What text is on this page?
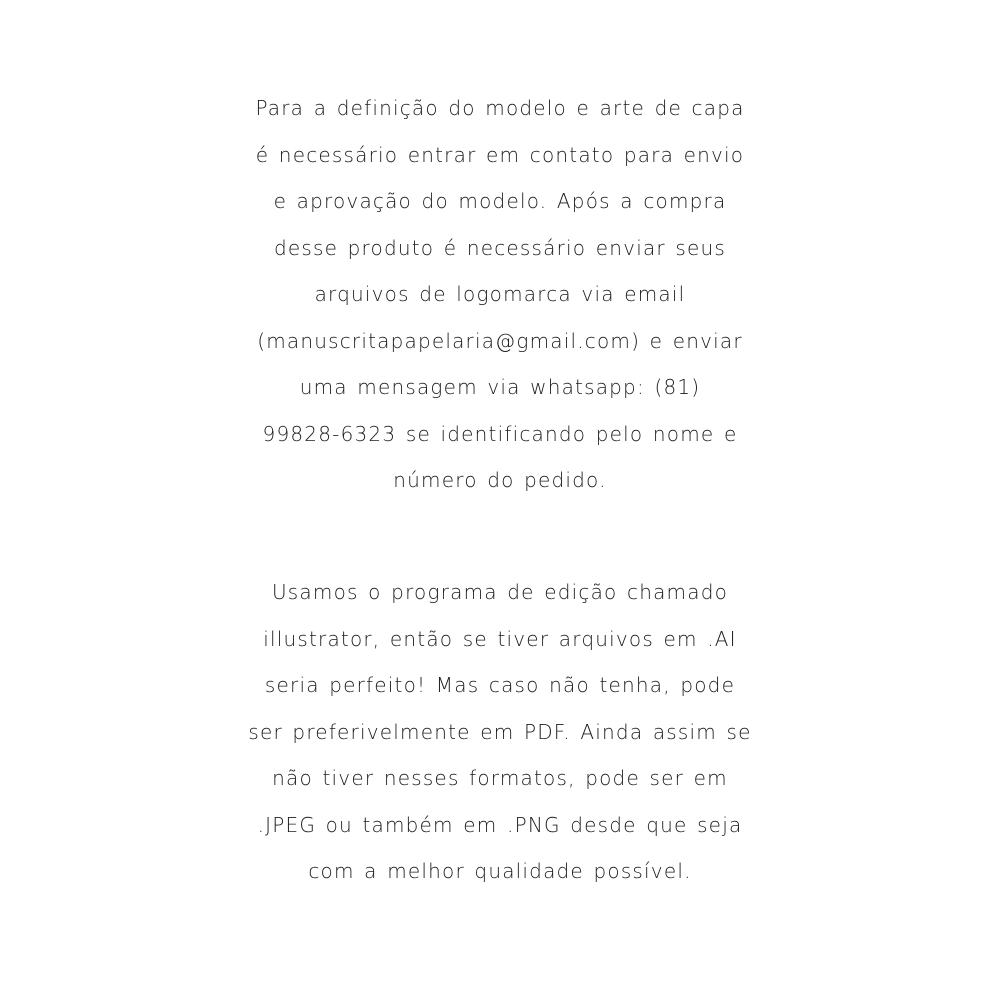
Para a definição do modelo e arte de capa
é necessário entrar em contato para envio
e aprovação do modelo. Após a compra
desse produto é necessário enviar seus
arquivos de logomarca via email
(manuscritapapelaria@gmail.com) e enviar
uma mensagem via whatsapp: (81)
99828-6323 se identificando pelo nome e
número do pedido.
Usamos o programa de edição chamado
illustrator, então se tiver arquivos em .AI
seria perfeito! Mas caso não tenha, pode
ser preferivelmente em PDF. Ainda assim se
não tiver nesses formatos, pode ser em
.JPEG ou também em .PNG desde que seja
com a melhor qualidade possível.
